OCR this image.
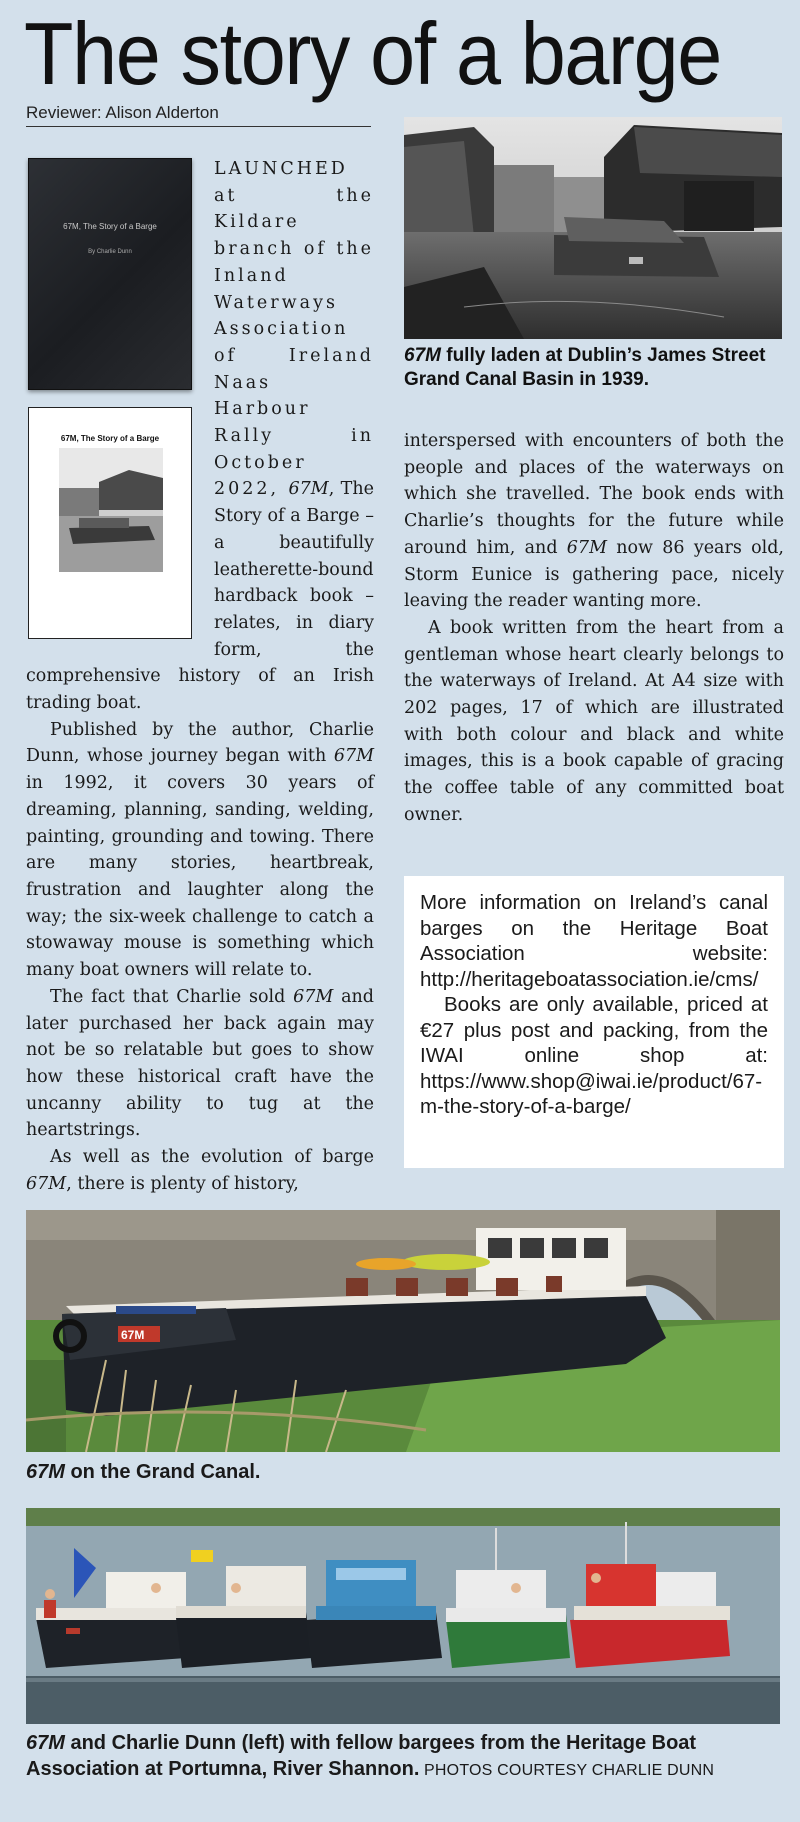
The story of a barge
Reviewer: Alison Alderton
67M, The Story of a Barge
By Charlie Dunn
67M, The Story of a Barge

LAUNCHED at the Kildare branch of the Inland Waterways Association of Ireland Naas Harbour Rally in October 2022, 67M, The Story of a Barge – a beautifully leatherette-bound hardback book – relates, in diary form, the comprehensive history of an Irish trading boat.

Published by the author, Charlie Dunn, whose journey began with 67M in 1992, it covers 30 years of dreaming, planning, sanding, welding, painting, grounding and towing. There are many stories, heartbreak, frustration and laughter along the way; the six-week challenge to catch a stowaway mouse is something which many boat owners will relate to.

The fact that Charlie sold 67M and later purchased her back again may not be so relatable but goes to show how these historical craft have the uncanny ability to tug at the heartstrings.

As well as the evolution of barge 67M, there is plenty of history,

67M fully laden at Dublin’s James Street Grand Canal Basin in 1939.

interspersed with encounters of both the people and places of the waterways on which she travelled. The book ends with Charlie’s thoughts for the future while around him, and 67M now 86 years old, Storm Eunice is gathering pace, nicely leaving the reader wanting more.

A book written from the heart from a gentleman whose heart clearly belongs to the waterways of Ireland. At A4 size with 202 pages, 17 of which are illustrated with both colour and black and white images, this is a book capable of gracing the coffee table of any committed boat owner.

More information on Ireland’s canal barges on the Heritage Boat Association website: http://heritageboatassociation.ie/cms/

Books are only available, priced at €27 plus post and packing, from the IWAI online shop at: https://www.shop@iwai.ie/product/67-m-the-story-of-a-barge/

67M
67M on the Grand Canal.
67M and Charlie Dunn (left) with fellow bargees from the Heritage Boat Association at Portumna, River Shannon. PHOTOS COURTESY CHARLIE DUNN
